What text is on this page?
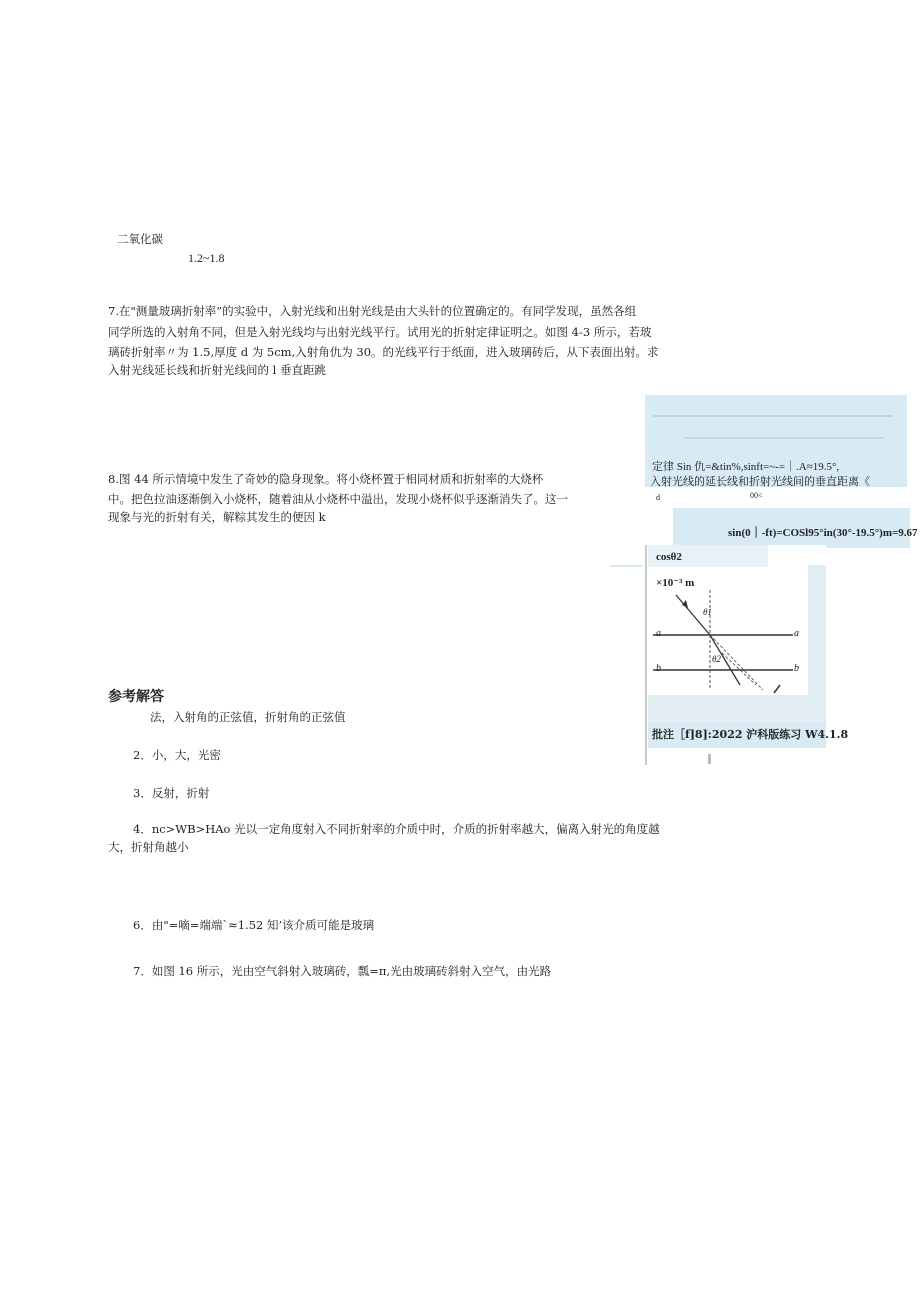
二氧化碳
1.2~1.8
7.在"测量玻璃折射率”的实验中，入射光线和出射光线是由大头针的位置确定的。有同学发现，虽然各组
同学所选的入射角不同，但是入射光线均与出射光线平行。试用光的折射定律证明之。如图 4-3 所示，若玻
璃砖折射率〃为 1.5,厚度 d 为 5cm,入射角仇为 30。的光线平行于纸面，进入玻璃砖后，从下表面出射。求
入射光线延长线和折射光线间的 l 垂直距跳
8.图 44 所示情境中发生了奇妙的隐身现象。将小烧杯置于相同材质和折射率的大烧杯
中。把色拉油逐渐倒入小烧杯，随着油从小烧杯中溢出，发现小烧杯似乎逐渐消失了。这一
现象与光的折射有关，解粽其发生的便因 k
参考解答
法，入射角的正弦值，折射角的正弦值
2．小，大，光密
3．反射，折射
4．nc>WB>HAo 光以一定角度射入不同折射率的介质中时，介质的折射率越大，偏离入射光的角度越
大，折射角越小
6．由"=嘀=端端`≈1.52 知’该介质可能是玻璃
7．如图 16 所示，光由空气斜射入玻璃砖，瓢=π,光由玻璃砖斜射入空气，由光路
定律 Sin 仇=&tin%,sinft=~-=｜.A≈19.5°,
入射光线的延长线和折射光线间的垂直距离《
d	00<
sin(0｜-ft)=COSl95°in(30°-19.5°)m=9.67
cosθ2
×10⁻³ m
θ1
θ2
a	a
b	b
批注［f]8]:2022 沪科版练习 W4.1.8
